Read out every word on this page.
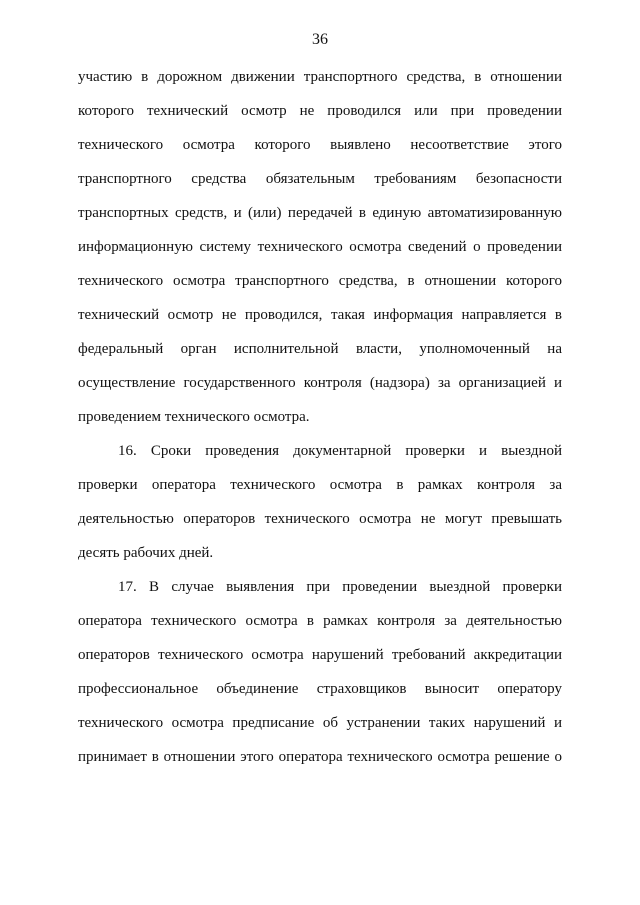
36
участию в дорожном движении транспортного средства, в отношении
которого технический осмотр не проводился или при проведении
технического осмотра которого выявлено несоответствие этого
транспортного средства обязательным требованиям безопасности
транспортных средств, и (или) передачей в единую автоматизированную
информационную систему технического осмотра сведений о проведении
технического осмотра транспортного средства, в отношении которого
технический осмотр не проводился, такая информация направляется в
федеральный орган исполнительной власти, уполномоченный на
осуществление государственного контроля (надзора) за организацией и
проведением технического осмотра.
16. Сроки проведения документарной проверки и выездной
проверки оператора технического осмотра в рамках контроля за
деятельностью операторов технического осмотра не могут превышать
десять рабочих дней.
17. В случае выявления при проведении выездной проверки
оператора технического осмотра в рамках контроля за деятельностью
операторов технического осмотра нарушений требований аккредитации
профессиональное объединение страховщиков выносит оператору
технического осмотра предписание об устранении таких нарушений и
принимает в отношении этого оператора технического осмотра решение о
